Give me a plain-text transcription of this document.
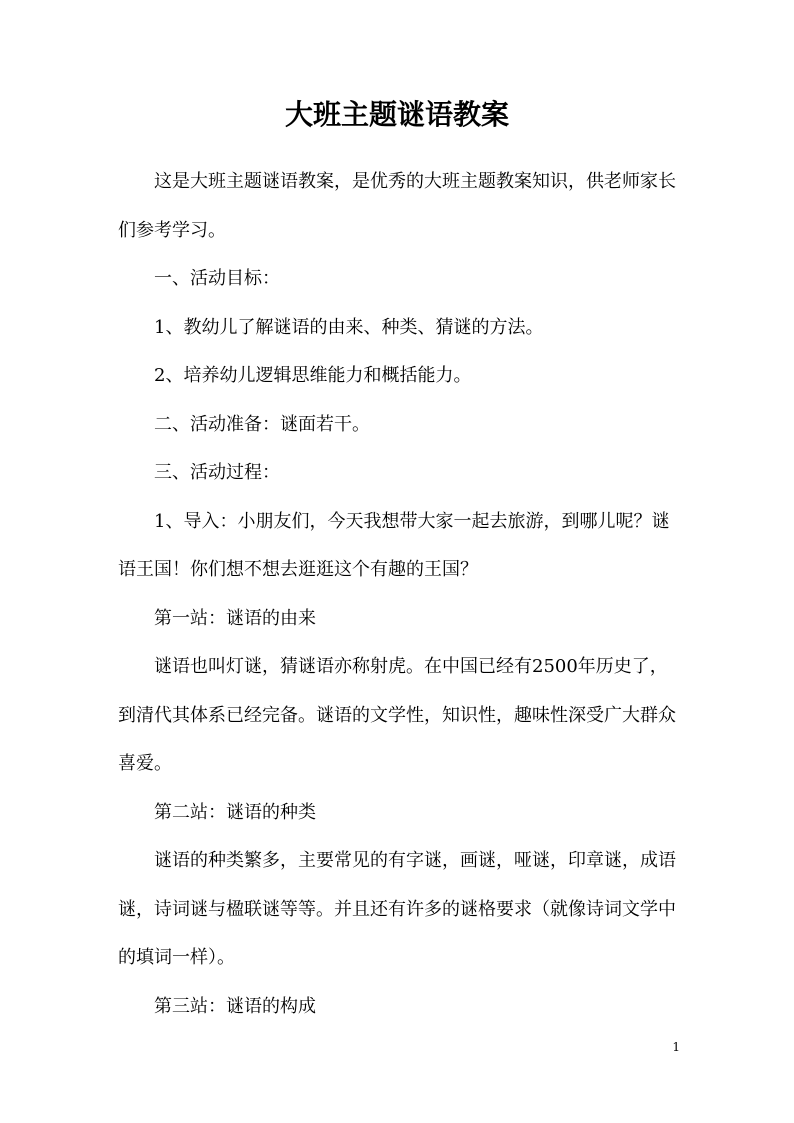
大班主题谜语教案

这是大班主题谜语教案，是优秀的大班主题教案知识，供老师家长们参考学习。

一、活动目标：

1、教幼儿了解谜语的由来、种类、猜谜的方法。

2、培养幼儿逻辑思维能力和概括能力。

二、活动准备：谜面若干。

三、活动过程：

1、导入：小朋友们，今天我想带大家一起去旅游，到哪儿呢？谜语王国！你们想不想去逛逛这个有趣的王国？

第一站：谜语的由来

谜语也叫灯谜，猜谜语亦称射虎。在中国已经有2500年历史了，到清代其体系已经完备。谜语的文学性，知识性，趣味性深受广大群众喜爱。

第二站：谜语的种类

谜语的种类繁多，主要常见的有字谜，画谜，哑谜，印章谜，成语谜，诗词谜与楹联谜等等。并且还有许多的谜格要求（就像诗词文学中的填词一样）。

第三站：谜语的构成

1
